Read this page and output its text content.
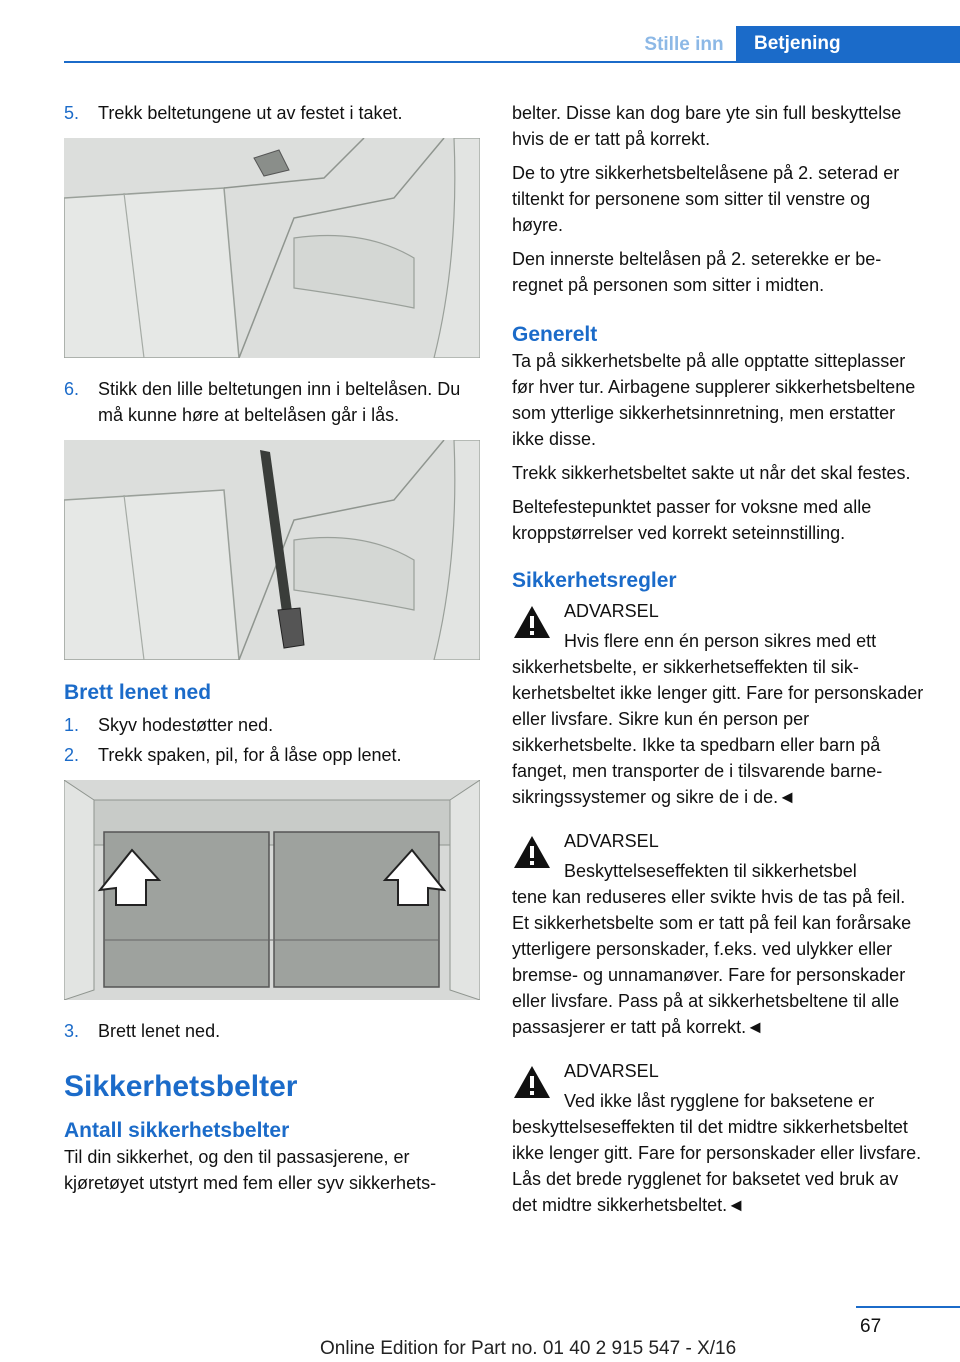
Stille inn	Betjening
5.	Trekk beltetungene ut av festet i taket.
6.	Stikk den lille beltetungen inn i beltelåsen. Du må kunne høre at beltelåsen går i lås.
Brett lenet ned
1.	Skyv hodestøtter ned.
2.	Trekk spaken, pil, for å låse opp lenet.
3.	Brett lenet ned.
Sikkerhetsbelter
Antall sikkerhetsbelter
Til din sikkerhet, og den til passasjerene, er kjøretøyet utstyrt med fem eller syv sikkerhets-
belter. Disse kan dog bare yte sin full beskyttelse hvis de er tatt på korrekt.
De to ytre sikkerhetsbeltelåsene på 2. seterad er tiltenkt for personene som sitter til venstre og høyre.
Den innerste beltelåsen på 2. seterekke er beregnet på personen som sitter i midten.
Generelt
Ta på sikkerhetsbelte på alle opptatte sitteplasser før hver tur. Airbagene supplerer sikkerhetsbeltene som ytterlige sikkerhetsinnretning, men erstatter ikke disse.
Trekk sikkerhetsbeltet sakte ut når det skal festes.
Beltefestepunktet passer for voksne med alle kroppstørrelser ved korrekt seteinnstilling.
Sikkerhetsregler
ADVARSEL
Hvis flere enn én person sikres med ett
sikkerhetsbelte, er sikkerhetseffekten til sikkerhetsbeltet ikke lenger gitt. Fare for personskader eller livsfare. Sikre kun én person per sikkerhetsbelte. Ikke ta spedbarn eller barn på fanget, men transporter de i tilsvarende barnesikringssystemer og sikre de i de.◄
ADVARSEL
Beskyttelseseffekten til sikkerhetsbel
tene kan reduseres eller svikte hvis de tas på feil. Et sikkerhetsbelte som er tatt på feil kan forårsake ytterligere personskader, f.eks. ved ulykker eller bremse- og unnamanøver. Fare for personskader eller livsfare. Pass på at sikkerhetsbeltene til alle passasjerer er tatt på korrekt.◄
ADVARSEL
Ved ikke låst rygglene for baksetene er
beskyttelseseffekten til det midtre sikkerhetsbeltet ikke lenger gitt. Fare for personskader eller livsfare. Lås det brede rygglenet for baksetet ved bruk av det midtre sikkerhetsbeltet.◄
67
Online Edition for Part no. 01 40 2 915 547 - X/16
